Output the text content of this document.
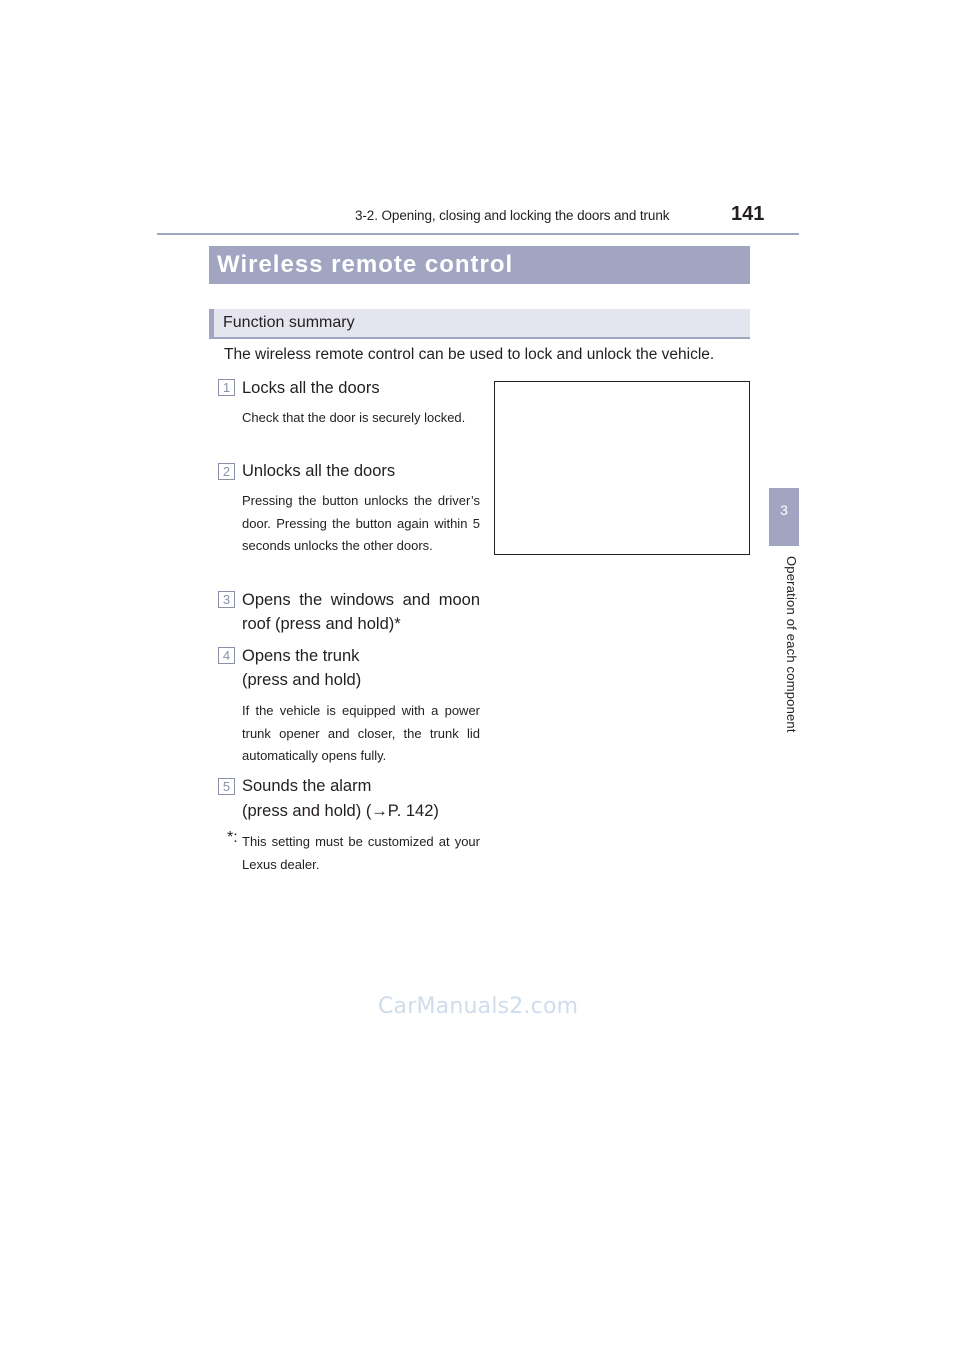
3-2. Opening, closing and locking the doors and trunk	141
3
Operation of each component
Wireless remote control
Function summary
The wireless remote control can be used to lock and unlock the vehicle.
1 Locks all the doors
Check that the door is securely locked.
2 Unlocks all the doors
Pressing the button unlocks the driver’s door. Pressing the button again within 5 seconds unlocks the other doors.
3 Opens the windows and moon
roof (press and hold)*
4 Opens the trunk
(press and hold)
If the vehicle is equipped with a power trunk opener and closer, the trunk lid automatically opens fully.
5 Sounds the alarm
(press and hold) (→P. 142)
*: This setting must be customized at your Lexus dealer.
CarManuals2.com
